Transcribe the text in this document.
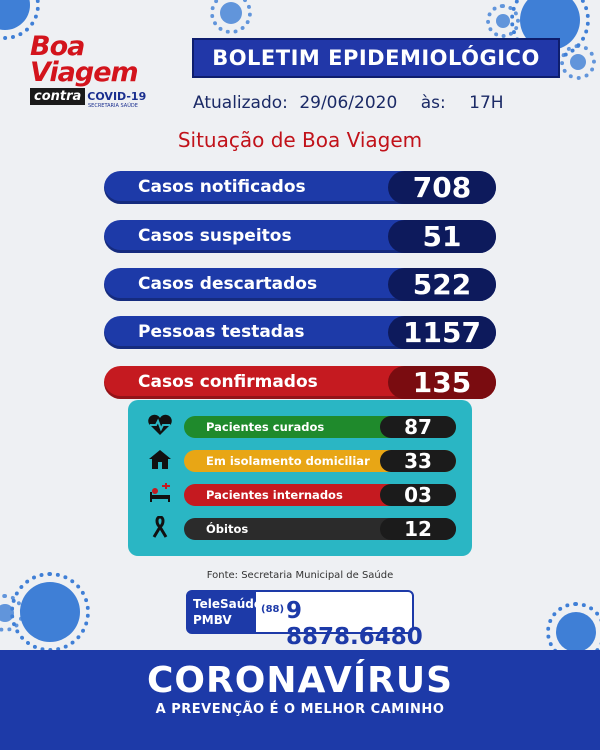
Boa
Viagem
contra COVID-19
SECRETARIA SAÚDE
BOLETIM EPIDEMIOLÓGICO
Atualizado: 29/06/2020 às: 17H
Situação de Boa Viagem
Casos notificados	708
Casos suspeitos	51
Casos descartados	522
Pessoas testadas	1157
Casos confirmados	135
Pacientes curados	87
Em isolamento domiciliar	33
Pacientes internados	03
Óbitos	12
Fonte: Secretaria Municipal de Saúde
TeleSaúde
PMBV
(88) 9 8878.6480
CORONAVÍRUS
A PREVENÇÃO É O MELHOR CAMINHO
